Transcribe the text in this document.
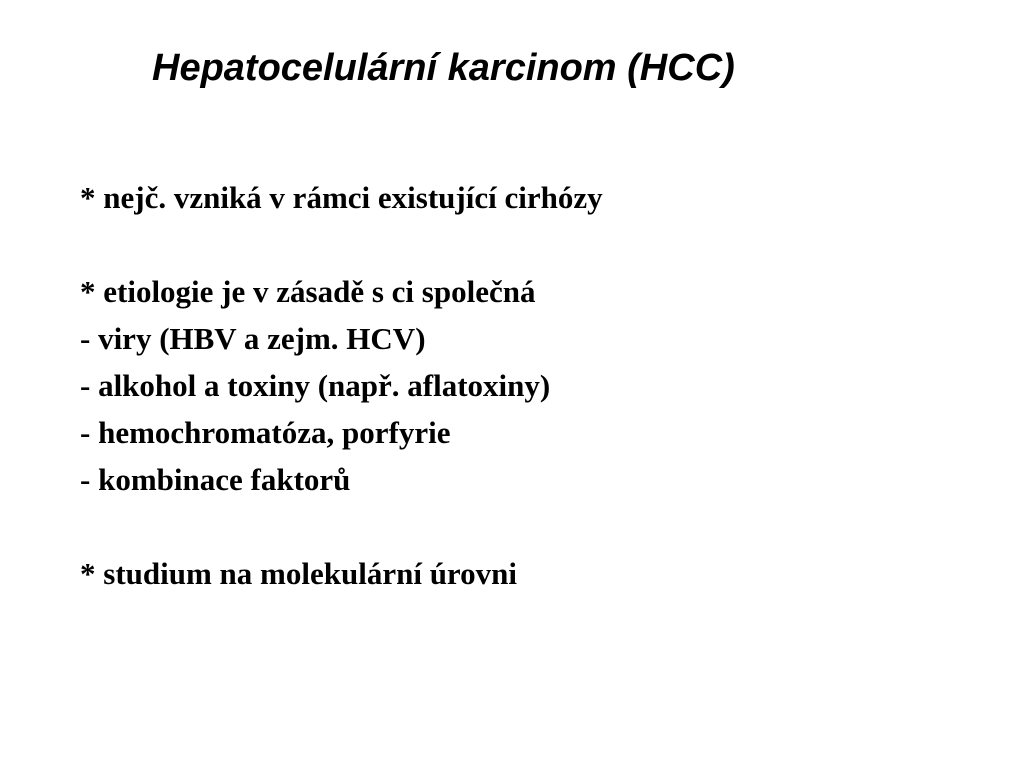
Hepatocelulární karcinom (HCC)
* nejč. vzniká v rámci existující cirhózy
* etiologie je v zásadě s ci společná
- viry (HBV a zejm. HCV)
- alkohol a toxiny (např. aflatoxiny)
- hemochromatóza, porfyrie
- kombinace faktorů
* studium na molekulární úrovni
